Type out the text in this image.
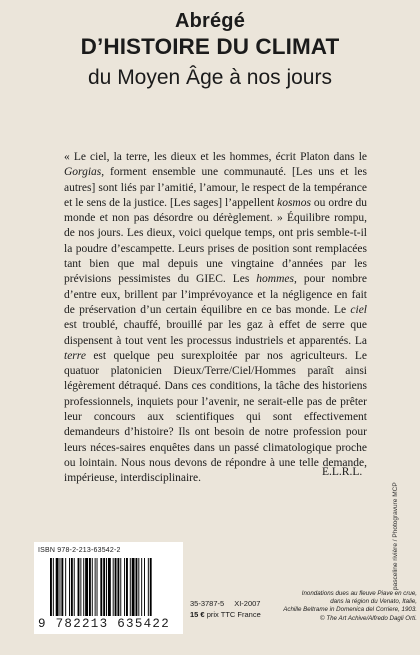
Abrégé
D’HISTOIRE DU CLIMAT
du Moyen Âge à nos jours

« Le ciel, la terre, les dieux et les hommes, écrit Platon dans le Gorgias, forment ensemble une communauté. [Les uns et les autres] sont liés par l’amitié, l’amour, le respect de la tempérance et le sens de la justice. [Les sages] l’appellent kosmos ou ordre du monde et non pas désordre ou dérèglement. » Équilibre rompu, de nos jours. Les dieux, voici quelque temps, ont pris semble-t-il la poudre d’escampette. Leurs prises de position sont remplacées tant bien que mal depuis une vingtaine d’années par les prévisions pessimistes du GIEC. Les hommes, pour nombre d’entre eux, brillent par l’imprévoyance et la négligence en fait de préservation d’un certain équilibre en ce bas monde. Le ciel est troublé, chauffé, brouillé par les gaz à effet de serre que dispensent à tout vent les processus industriels et apparentés. La terre est quelque peu surexploitée par nos agriculteurs. Le quatuor platonicien Dieux/Terre/Ciel/Hommes paraît ainsi légèrement détraqué. Dans ces conditions, la tâche des historiens professionnels, inquiets pour l’avenir, ne serait-elle pas de prêter leur concours aux scientifiques qui sont effectivement demandeurs d’histoire? Ils ont besoin de notre profession pour leurs néces-saires enquêtes dans un passé climatologique proche ou lointain. Nous nous devons de répondre à une telle demande, impérieuse, interdisciplinaire.

E.L.R.L.
pasceline rivière / Photogravure MCP
ISBN 978-2-213-63542-2
9 782213 635422
35-3787-5 XI-2007
15 € prix TTC France
Inondations dues au fleuve Piave en crue,
dans la région du Venato, Italie,
Achille Beltrame in Domenica del Corriere, 1903.
© The Art Achive/Alfredo Dagli Orti.
